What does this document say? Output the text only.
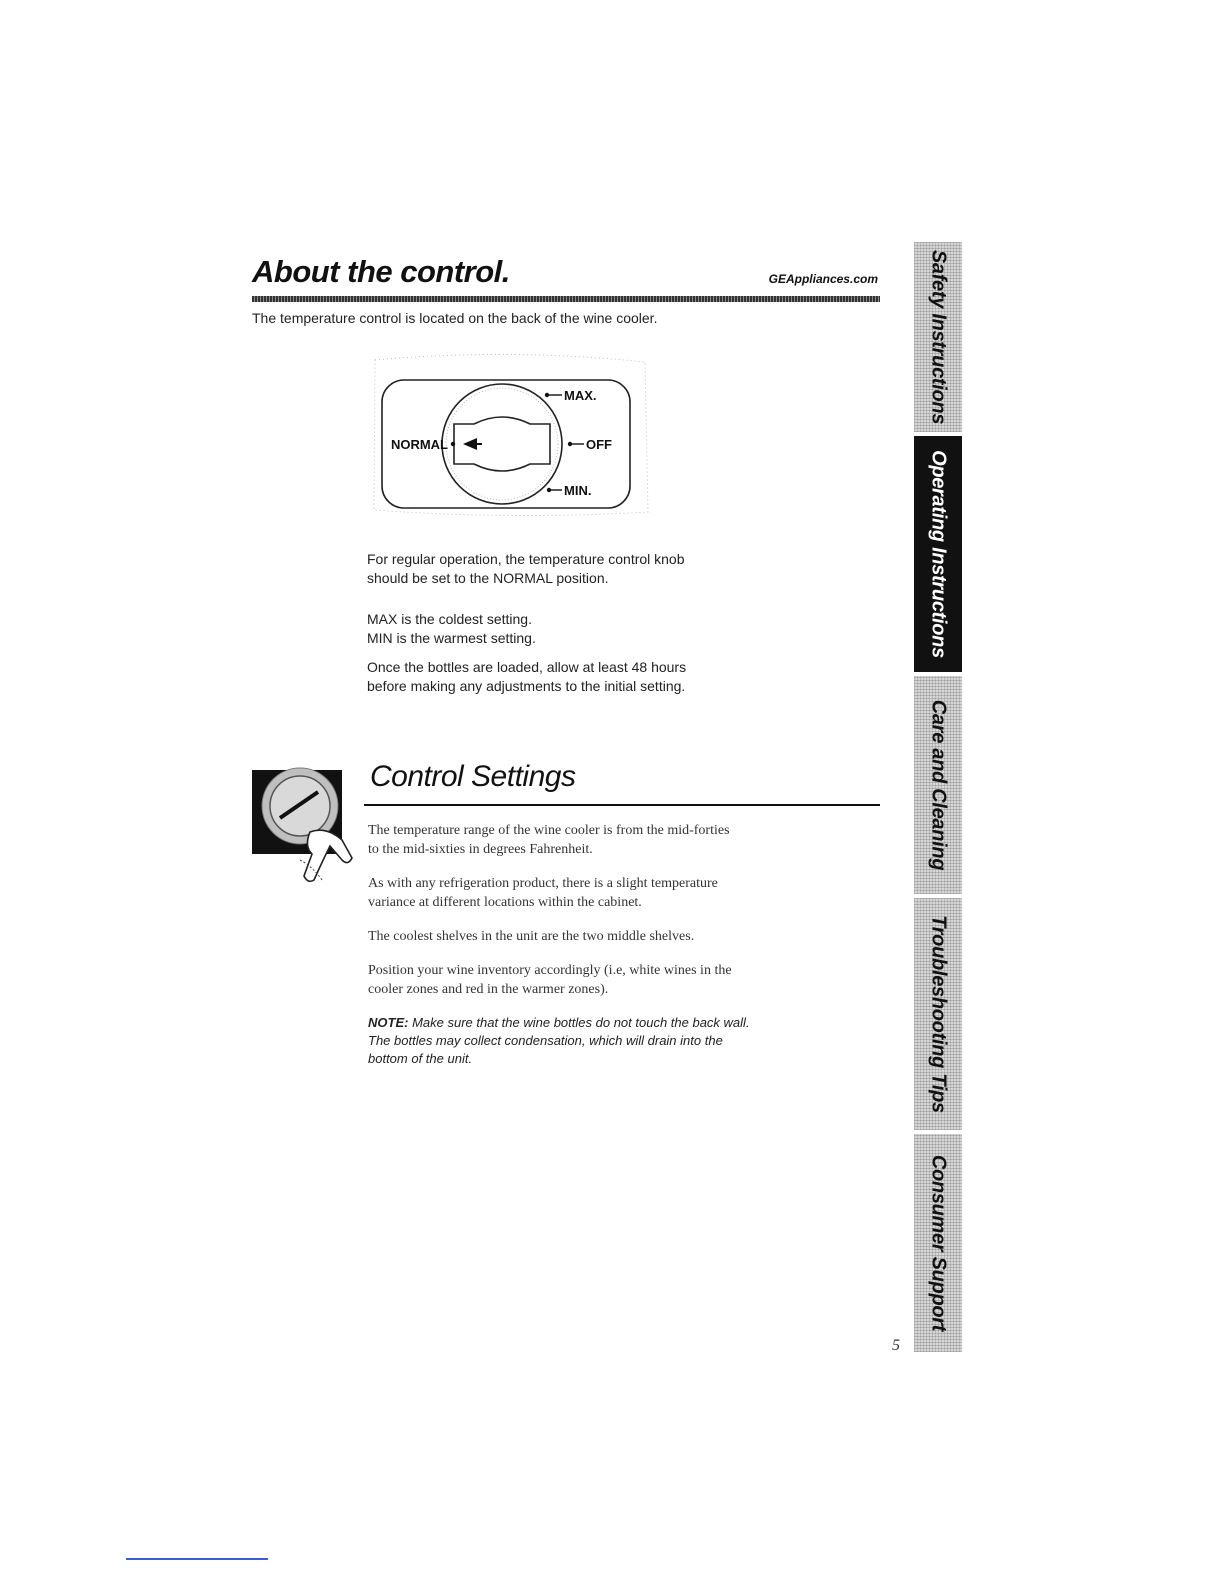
About the control.	GEAppliances.com
The temperature control is located on the back of the wine cooler.
MAX.
OFF
MIN.
NORMAL
For regular operation, the temperature control knob
should be set to the NORMAL position.
MAX is the coldest setting.
MIN is the warmest setting.
Once the bottles are loaded, allow at least 48 hours
before making any adjustments to the initial setting.
Control Settings
The temperature range of the wine cooler is from the mid-forties
to the mid-sixties in degrees Fahrenheit.
As with any refrigeration product, there is a slight temperature
variance at different locations within the cabinet.
The coolest shelves in the unit are the two middle shelves.
Position your wine inventory accordingly (i.e, white wines in the
cooler zones and red in the warmer zones).
NOTE: Make sure that the wine bottles do not touch the back wall.
The bottles may collect condensation, which will drain into the
bottom of the unit.
Safety Instructions
Operating Instructions
Care and Cleaning
Troubleshooting Tips
Consumer Support
5
